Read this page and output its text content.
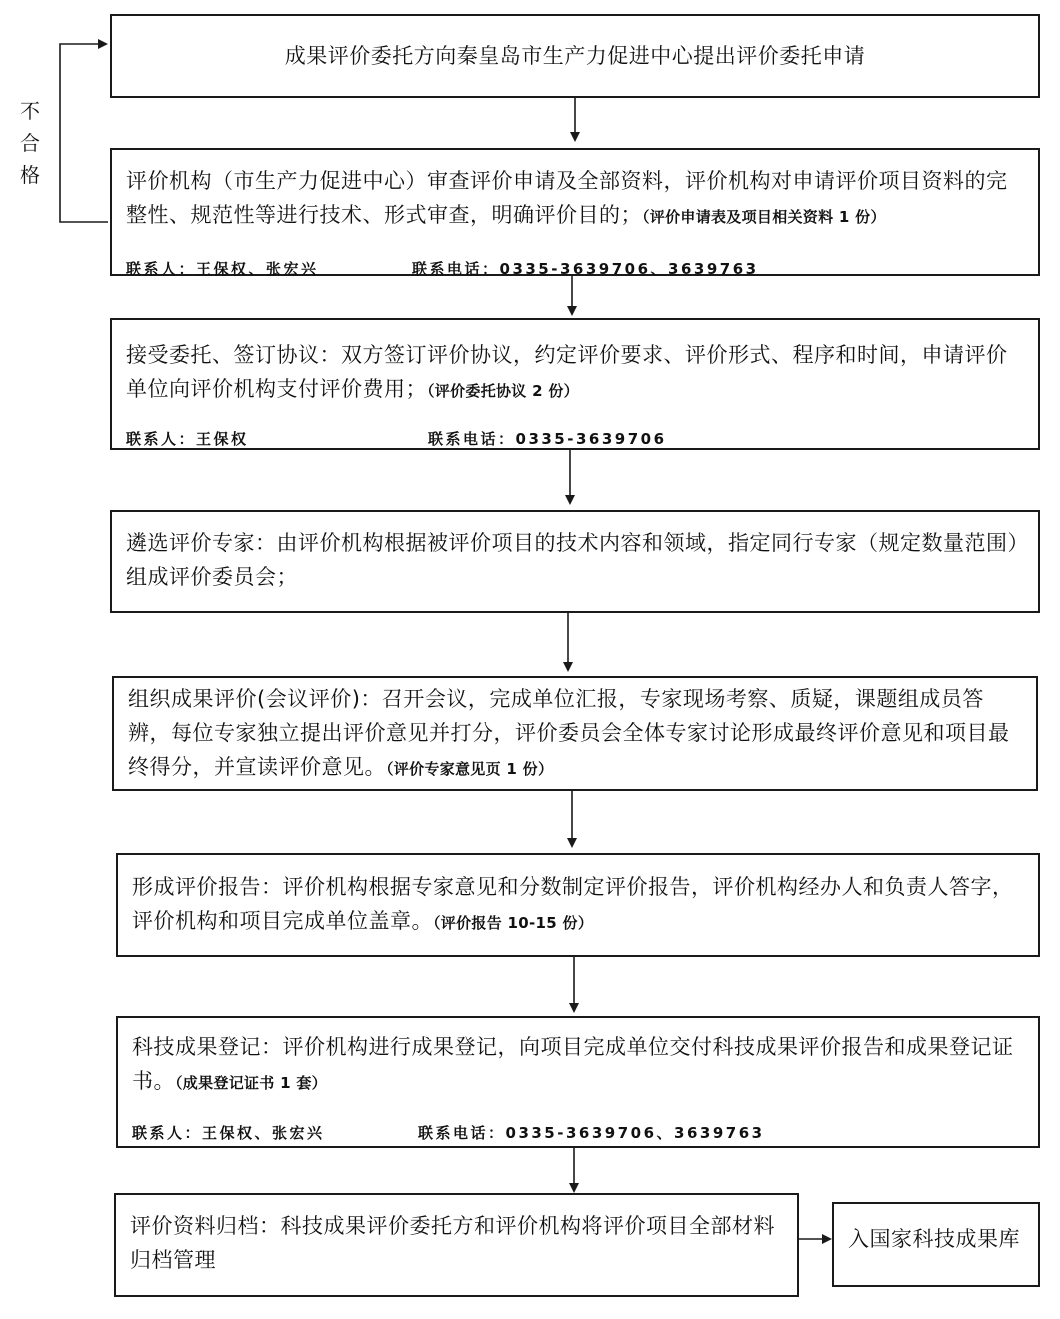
不
合
格
成果评价委托方向秦皇岛市生产力促进中心提出评价委托申请
评价机构（市生产力促进中心）审查评价申请及全部资料，评价机构对申请评价项目资料的完整性、规范性等进行技术、形式审查，明确评价目的；（评价申请表及项目相关资料 1 份）
联系人：王保权、张宏兴	联系电话：0335-3639706、3639763
接受委托、签订协议：双方签订评价协议，约定评价要求、评价形式、程序和时间，申请评价单位向评价机构支付评价费用；（评价委托协议 2 份）
联系人：王保权	联系电话：0335-3639706
遴选评价专家：由评价机构根据被评价项目的技术内容和领域，指定同行专家（规定数量范围）组成评价委员会；
组织成果评价(会议评价)：召开会议，完成单位汇报，专家现场考察、质疑，课题组成员答辨，每位专家独立提出评价意见并打分，评价委员会全体专家讨论形成最终评价意见和项目最终得分，并宣读评价意见。（评价专家意见页 1 份）
形成评价报告：评价机构根据专家意见和分数制定评价报告，评价机构经办人和负责人答字，评价机构和项目完成单位盖章。（评价报告 10-15 份）
科技成果登记：评价机构进行成果登记，向项目完成单位交付科技成果评价报告和成果登记证书。（成果登记证书 1 套）
联系人：王保权、张宏兴	联系电话：0335-3639706、3639763
评价资料归档：科技成果评价委托方和评价机构将评价项目全部材料归档管理
入国家科技成果库
